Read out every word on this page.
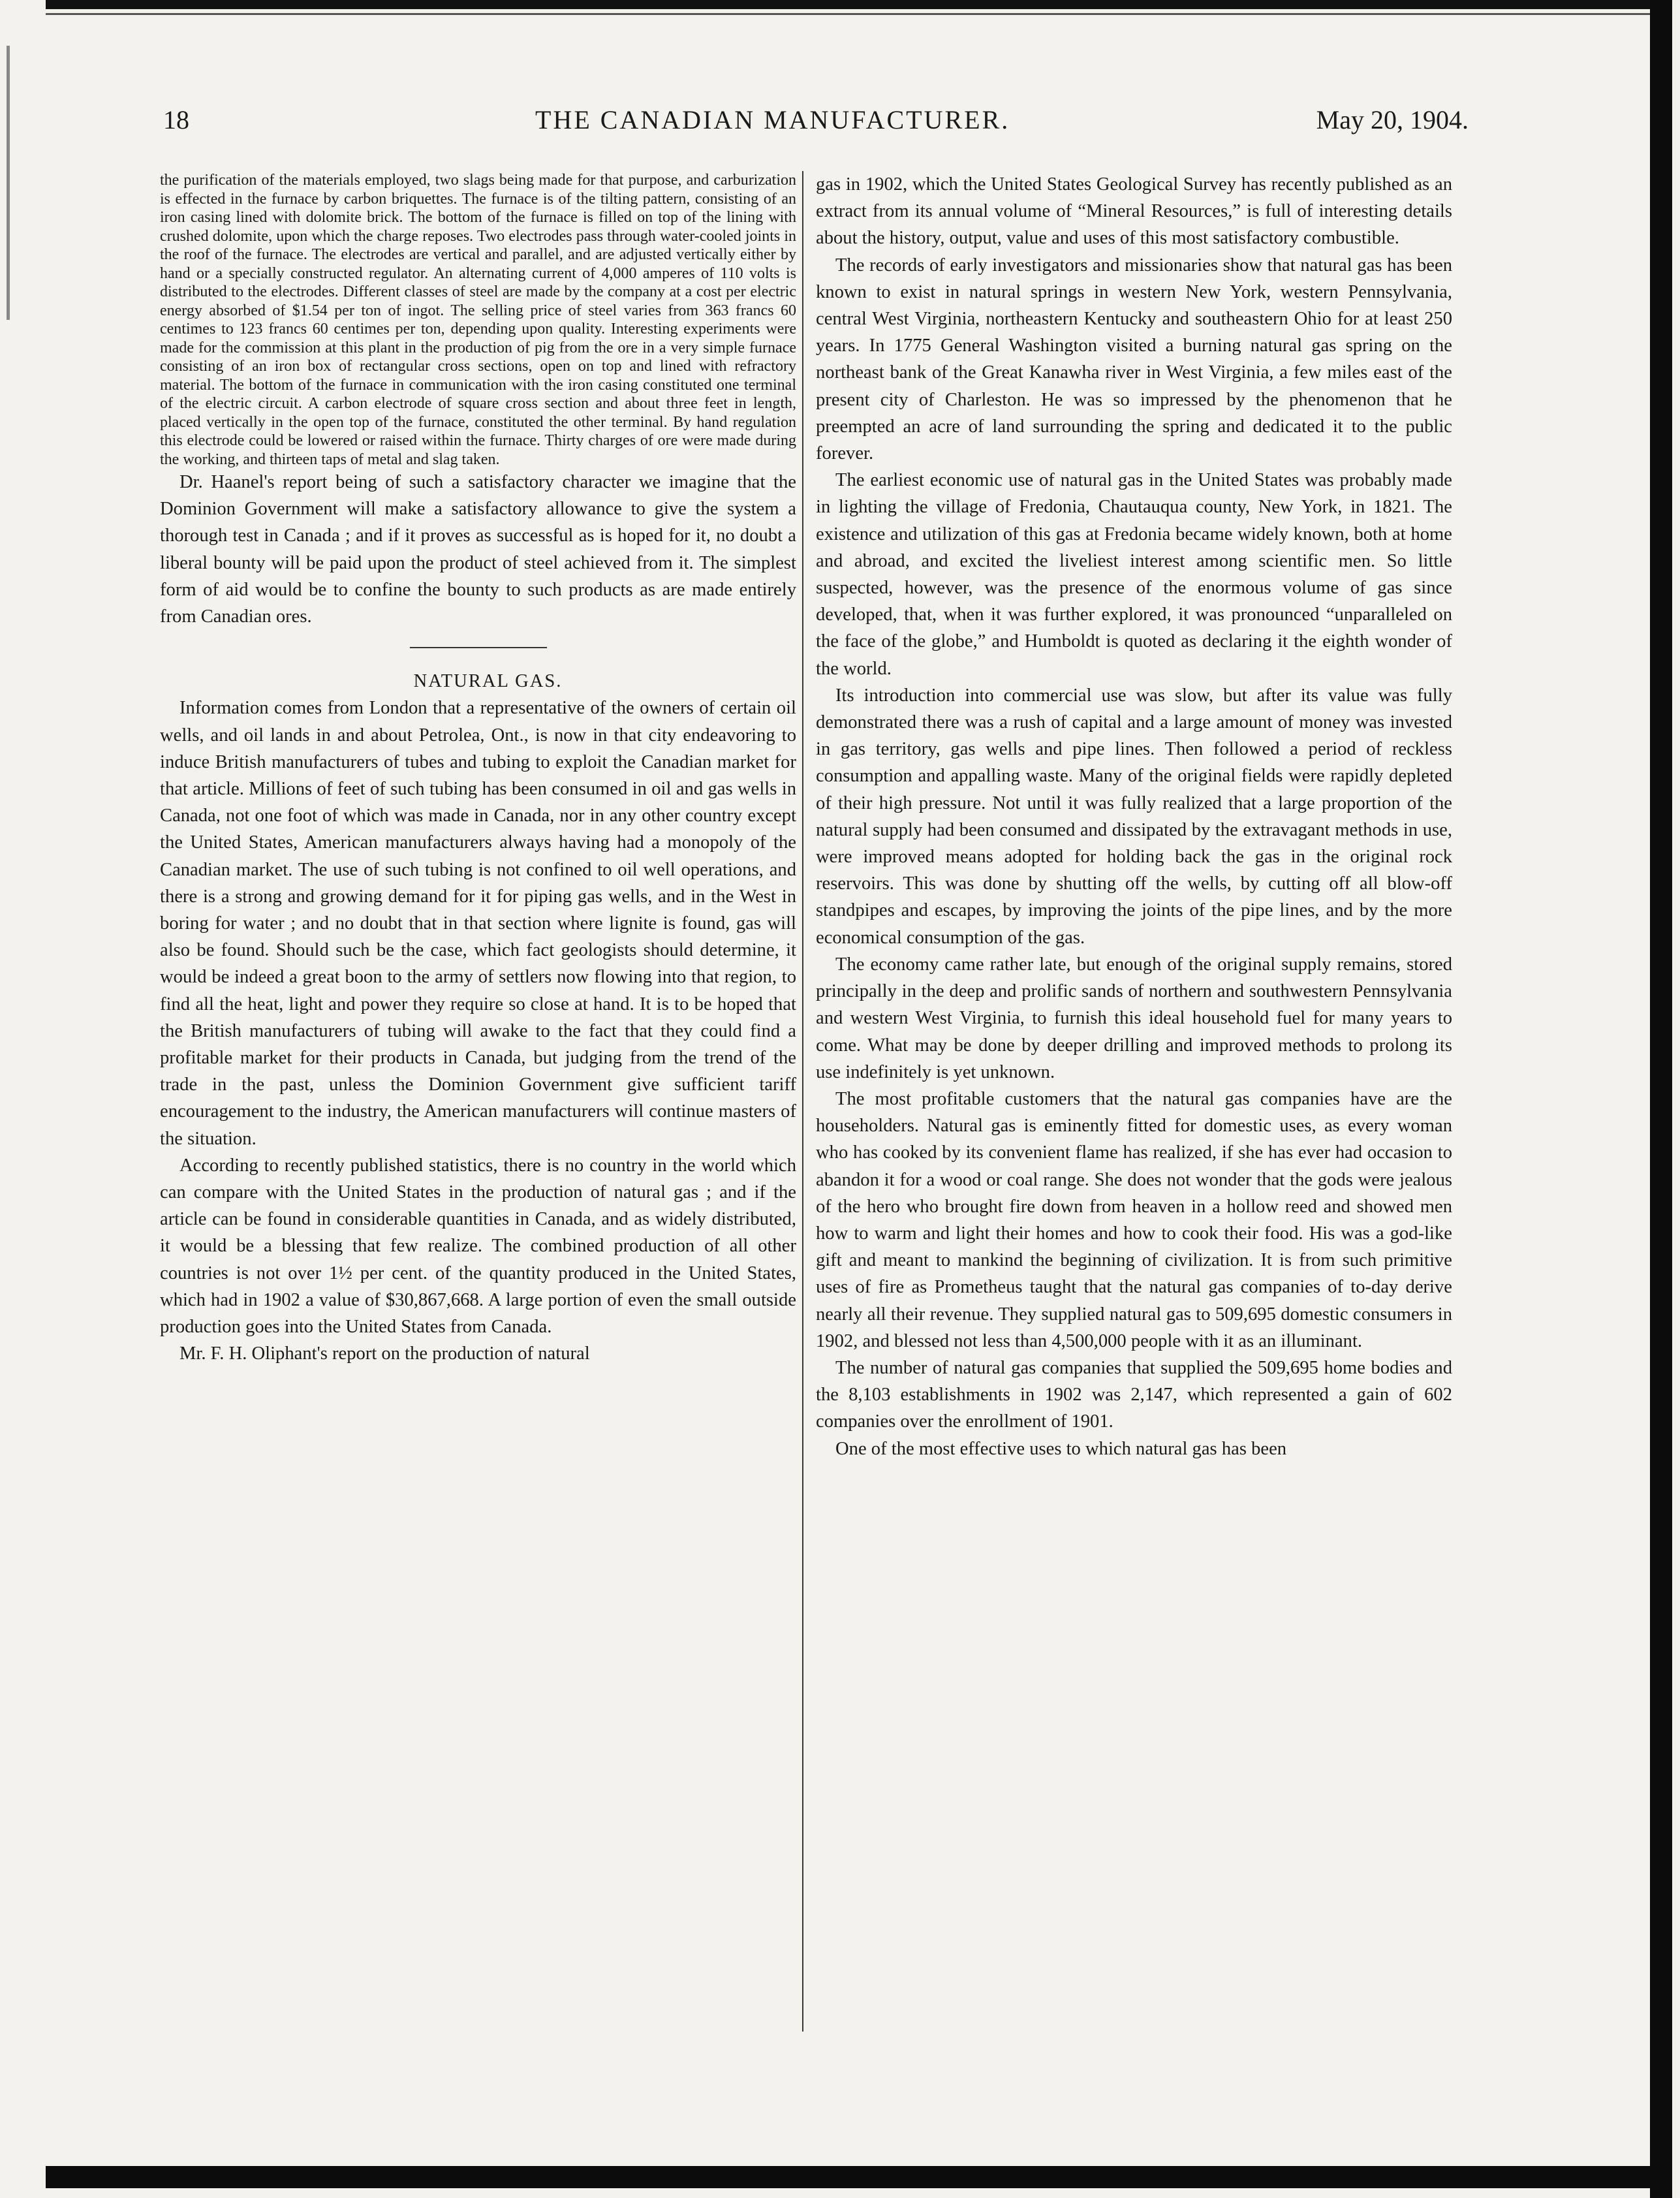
18	THE CANADIAN MANUFACTURER.	May 20, 1904.

the purification of the materials employed, two slags being made for that purpose, and carburization is effected in the furnace by carbon briquettes. The furnace is of the tilting pattern, consisting of an iron casing lined with dolomite brick. The bottom of the furnace is filled on top of the lining with crushed dolomite, upon which the charge reposes. Two electrodes pass through water-cooled joints in the roof of the furnace. The electrodes are vertical and parallel, and are adjusted vertically either by hand or a specially constructed regulator. An alternating current of 4,000 amperes of 110 volts is distributed to the electrodes. Different classes of steel are made by the company at a cost per electric energy absorbed of $1.54 per ton of ingot. The selling price of steel varies from 363 francs 60 centimes to 123 francs 60 centimes per ton, depending upon quality. Interesting experiments were made for the commission at this plant in the production of pig from the ore in a very simple furnace consisting of an iron box of rectangular cross sections, open on top and lined with refractory material. The bottom of the furnace in communication with the iron casing constituted one terminal of the electric circuit. A carbon electrode of square cross section and about three feet in length, placed vertically in the open top of the furnace, constituted the other terminal. By hand regulation this electrode could be lowered or raised within the furnace. Thirty charges of ore were made during the working, and thirteen taps of metal and slag taken.

Dr. Haanel's report being of such a satisfactory character we imagine that the Dominion Government will make a satisfactory allowance to give the system a thorough test in Canada ; and if it proves as successful as is hoped for it, no doubt a liberal bounty will be paid upon the product of steel achieved from it. The simplest form of aid would be to confine the bounty to such products as are made entirely from Canadian ores.

NATURAL GAS.

Information comes from London that a representative of the owners of certain oil wells, and oil lands in and about Petrolea, Ont., is now in that city endeavoring to induce British manufacturers of tubes and tubing to exploit the Canadian market for that article. Millions of feet of such tubing has been consumed in oil and gas wells in Canada, not one foot of which was made in Canada, nor in any other country except the United States, American manufacturers always having had a monopoly of the Canadian market. The use of such tubing is not confined to oil well operations, and there is a strong and growing demand for it for piping gas wells, and in the West in boring for water ; and no doubt that in that section where lignite is found, gas will also be found. Should such be the case, which fact geologists should determine, it would be indeed a great boon to the army of settlers now flowing into that region, to find all the heat, light and power they require so close at hand. It is to be hoped that the British manufacturers of tubing will awake to the fact that they could find a profitable market for their products in Canada, but judging from the trend of the trade in the past, unless the Dominion Government give sufficient tariff encouragement to the industry, the American manufacturers will continue masters of the situation.

According to recently published statistics, there is no country in the world which can compare with the United States in the production of natural gas ; and if the article can be found in considerable quantities in Canada, and as widely distributed, it would be a blessing that few realize. The combined production of all other countries is not over 1½ per cent. of the quantity produced in the United States, which had in 1902 a value of $30,867,668. A large portion of even the small outside production goes into the United States from Canada.

Mr. F. H. Oliphant's report on the production of natural

gas in 1902, which the United States Geological Survey has recently published as an extract from its annual volume of “Mineral Resources,” is full of interesting details about the history, output, value and uses of this most satisfactory combustible.

The records of early investigators and missionaries show that natural gas has been known to exist in natural springs in western New York, western Pennsylvania, central West Virginia, northeastern Kentucky and southeastern Ohio for at least 250 years. In 1775 General Washington visited a burning natural gas spring on the northeast bank of the Great Kanawha river in West Virginia, a few miles east of the present city of Charleston. He was so impressed by the phenomenon that he preempted an acre of land surrounding the spring and dedicated it to the public forever.

The earliest economic use of natural gas in the United States was probably made in lighting the village of Fredonia, Chautauqua county, New York, in 1821. The existence and utilization of this gas at Fredonia became widely known, both at home and abroad, and excited the liveliest interest among scientific men. So little suspected, however, was the presence of the enormous volume of gas since developed, that, when it was further explored, it was pronounced “unparalleled on the face of the globe,” and Humboldt is quoted as declaring it the eighth wonder of the world.

Its introduction into commercial use was slow, but after its value was fully demonstrated there was a rush of capital and a large amount of money was invested in gas territory, gas wells and pipe lines. Then followed a period of reckless consumption and appalling waste. Many of the original fields were rapidly depleted of their high pressure. Not until it was fully realized that a large proportion of the natural supply had been consumed and dissipated by the extravagant methods in use, were improved means adopted for holding back the gas in the original rock reservoirs. This was done by shutting off the wells, by cutting off all blow-off standpipes and escapes, by improving the joints of the pipe lines, and by the more economical consumption of the gas.

The economy came rather late, but enough of the original supply remains, stored principally in the deep and prolific sands of northern and southwestern Pennsylvania and western West Virginia, to furnish this ideal household fuel for many years to come. What may be done by deeper drilling and improved methods to prolong its use indefinitely is yet unknown.

The most profitable customers that the natural gas companies have are the householders. Natural gas is eminently fitted for domestic uses, as every woman who has cooked by its convenient flame has realized, if she has ever had occasion to abandon it for a wood or coal range. She does not wonder that the gods were jealous of the hero who brought fire down from heaven in a hollow reed and showed men how to warm and light their homes and how to cook their food. His was a god-like gift and meant to mankind the beginning of civilization. It is from such primitive uses of fire as Prometheus taught that the natural gas companies of to-day derive nearly all their revenue. They supplied natural gas to 509,695 domestic consumers in 1902, and blessed not less than 4,500,000 people with it as an illuminant.

The number of natural gas companies that supplied the 509,695 home bodies and the 8,103 establishments in 1902 was 2,147, which represented a gain of 602 companies over the enrollment of 1901.

One of the most effective uses to which natural gas has been
